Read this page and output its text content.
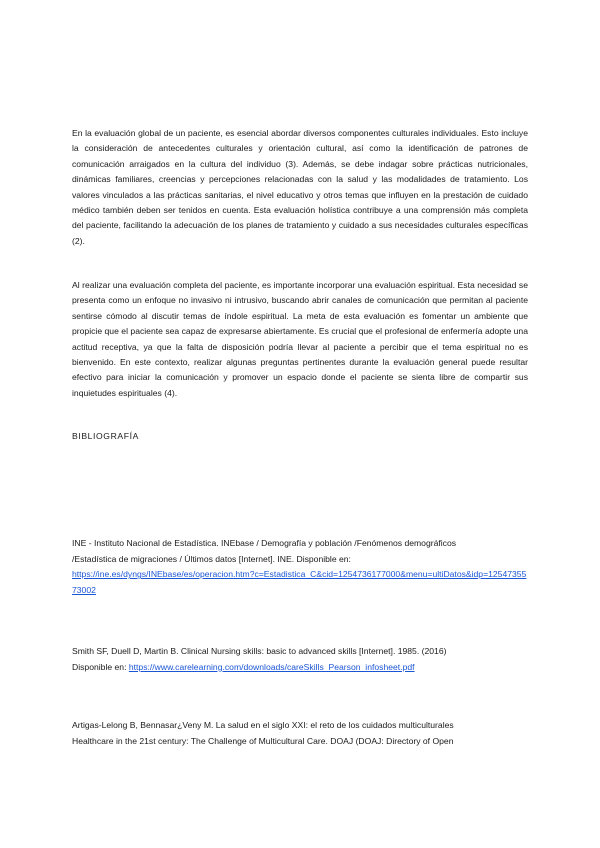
En la evaluación global de un paciente, es esencial abordar diversos componentes culturales individuales. Esto incluye la consideración de antecedentes culturales y orientación cultural, así como la identificación de patrones de comunicación arraigados en la cultura del individuo (3). Además, se debe indagar sobre prácticas nutricionales, dinámicas familiares, creencias y percepciones relacionadas con la salud y las modalidades de tratamiento. Los valores vinculados a las prácticas sanitarias, el nivel educativo y otros temas que influyen en la prestación de cuidado médico también deben ser tenidos en cuenta. Esta evaluación holística contribuye a una comprensión más completa del paciente, facilitando la adecuación de los planes de tratamiento y cuidado a sus necesidades culturales específicas (2).

Al realizar una evaluación completa del paciente, es importante incorporar una evaluación espiritual. Esta necesidad se presenta como un enfoque no invasivo ni intrusivo, buscando abrir canales de comunicación que permitan al paciente sentirse cómodo al discutir temas de índole espiritual. La meta de esta evaluación es fomentar un ambiente que propicie que el paciente sea capaz de expresarse abiertamente. Es crucial que el profesional de enfermería adopte una actitud receptiva, ya que la falta de disposición podría llevar al paciente a percibir que el tema espiritual no es bienvenido. En este contexto, realizar algunas preguntas pertinentes durante la evaluación general puede resultar efectivo para iniciar la comunicación y promover un espacio donde el paciente se sienta libre de compartir sus inquietudes espirituales (4).

BIBLIOGRAFÍA

INE - Instituto Nacional de Estadística. INEbase / Demografía y población /Fenómenos demográficos
/Estadística de migraciones / Últimos datos [Internet]. INE. Disponible en:
https://ine.es/dyngs/INEbase/es/operacion.htm?c=Estadistica_C&cid=1254736177000&menu=ultiDatos&idp=1254735573002
Smith SF, Duell D, Martin B. Clinical Nursing skills: basic to advanced skills [Internet]. 1985. (2016)
Disponible en: https://www.carelearning.com/downloads/careSkills_Pearson_infosheet.pdf
Artigas-Lelong B, Bennasar¿Veny M. La salud en el siglo XXI: el reto de los cuidados multiculturales
Healthcare in the 21st century: The Challenge of Multicultural Care. DOAJ (DOAJ: Directory of Open
